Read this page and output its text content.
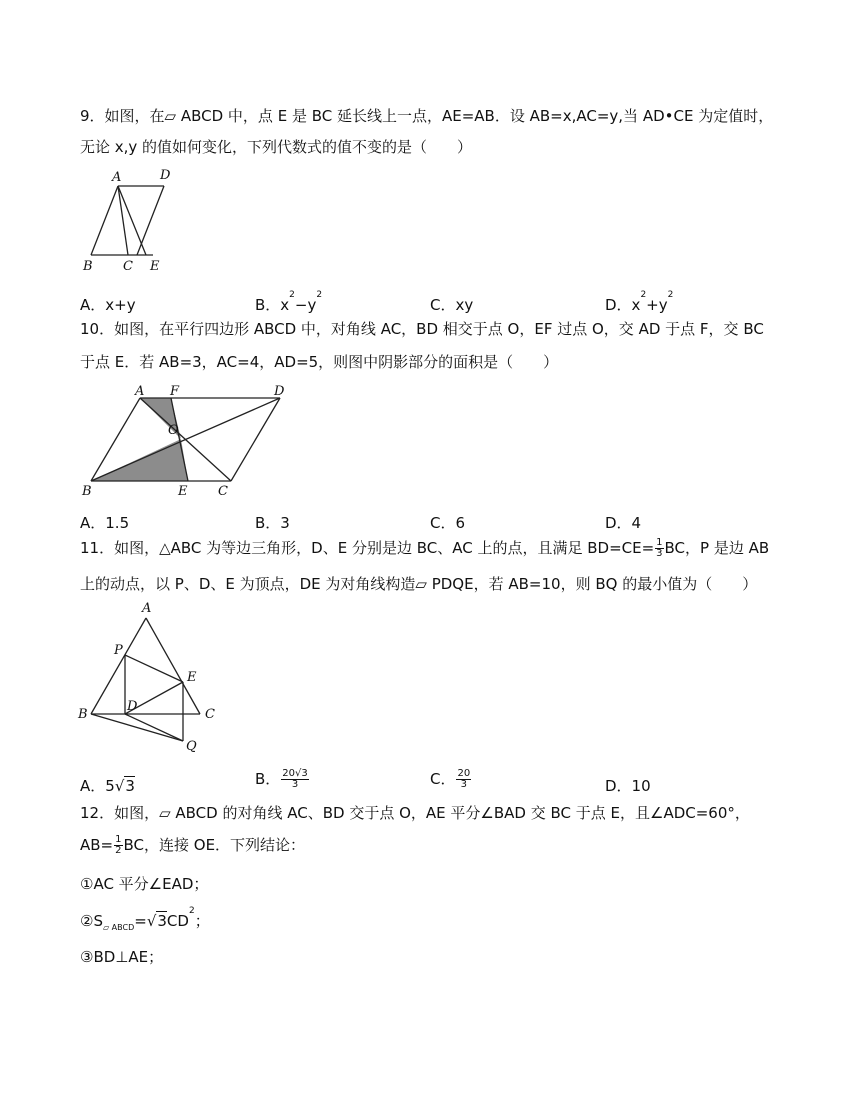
9．如图，在▱ ABCD 中，点 E 是 BC 延长线上一点，AE=AB．设 AB=x,AC=y,当 AD•CE 为定值时，
无论 x,y 的值如何变化，下列代数式的值不变的是（　　）
A	D
B C E
A．x+y	B．$x^2-y^2$
C．xy	D．$x^2+y^2$
10．如图，在平行四边形 ABCD 中，对角线 AC，BD 相交于点 O，EF 过点 O，交 AD 于点 F，交 BC
于点 E．若 AB=3，AC=4，AD=5，则图中阴影部分的面积是（　　）
A F	D
O
B	E C
A．1.5	B．3	C．6	D．4
11．如图，△ABC 为等边三角形，D、E 分别是边 BC、AC 上的点，且满足 $BD=CE= \frac{1}{3}$ BC，P 是边 AB
上的动点，以 P、D、E 为顶点，DE 为对角线构造▱ PDQE，若 AB=10，则 BQ 的最小值为（　　）
A
P
E
B
D
C
Q
A．5√3	B． $\frac{20√3}{3}$	C． $\frac{20}{3}$	D．10
12．如图，▱ ABCD 的对角线 AC、BD 交于点 O，AE 平分∠BAD 交 BC 于点 E，且∠ADC=60°，
$AB= \frac{1}{2}$ BC，连接 OE．下列结论：
①AC 平分∠EAD；
$②S_{▱ ABCD}=√3CD^2$；
③BD⊥AE；
